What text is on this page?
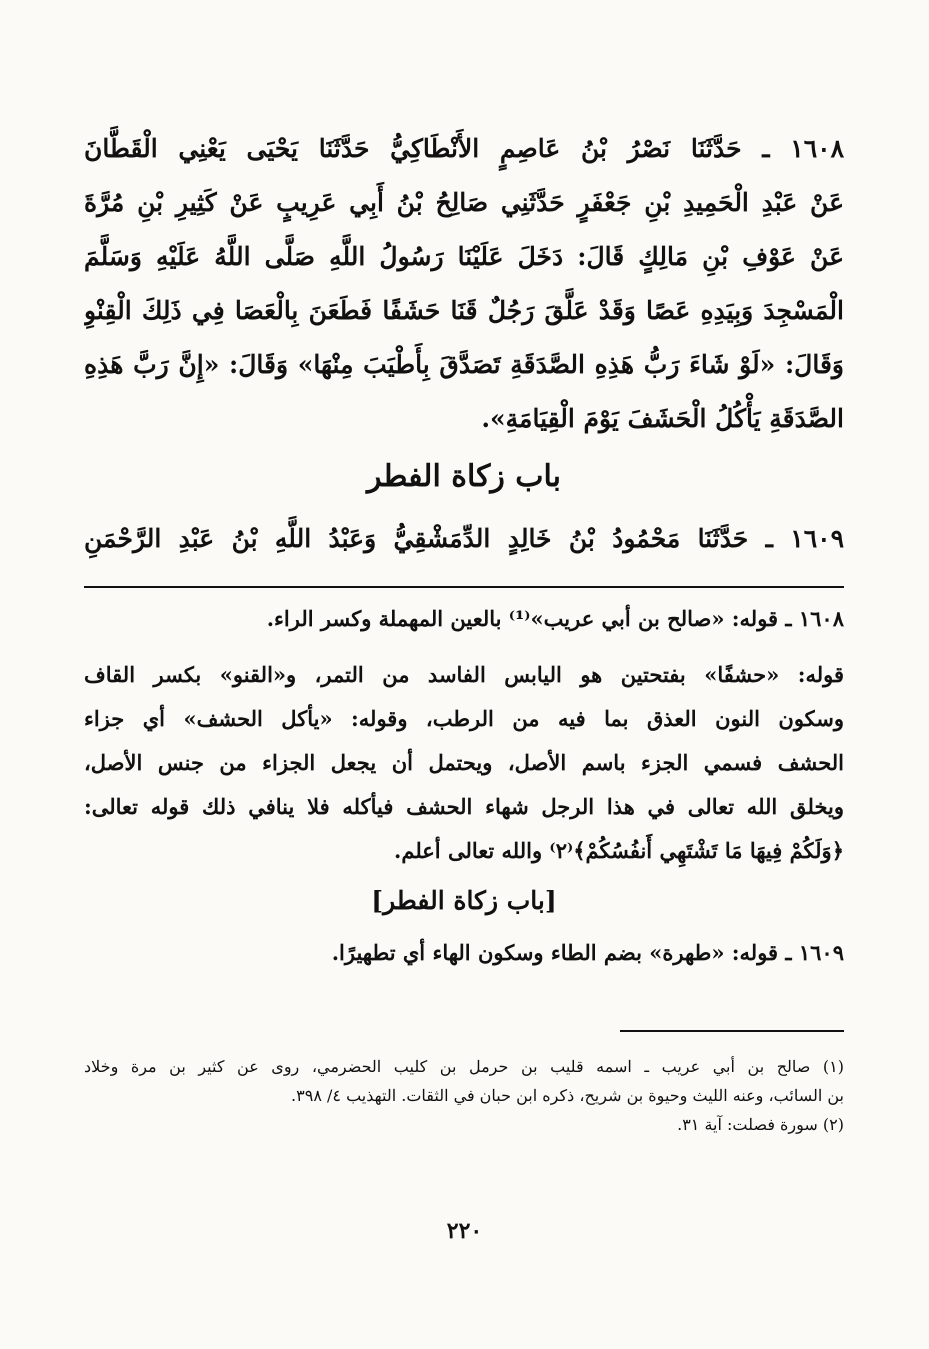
١٦٠٨ ـ حَدَّثَنَا نَصْرُ بْنُ عَاصِمٍ الأَنْطَاكِيُّ حَدَّثَنَا يَحْيَى يَعْنِي الْقَطَّانَ
عَنْ عَبْدِ الْحَمِيدِ بْنِ جَعْفَرٍ حَدَّثَنِي صَالِحُ بْنُ أَبِي عَرِيبٍ عَنْ كَثِيرِ بْنِ مُرَّةَ
عَنْ عَوْفِ بْنِ مَالِكٍ قَالَ: دَخَلَ عَلَيْنَا رَسُولُ اللَّهِ صَلَّى اللَّهُ عَلَيْهِ وَسَلَّمَ
الْمَسْجِدَ وَبِيَدِهِ عَصًا وَقَدْ عَلَّقَ رَجُلٌ قَنَا حَشَفًا فَطَعَنَ بِالْعَصَا فِي ذَلِكَ الْقِنْوِ
وَقَالَ: «لَوْ شَاءَ رَبُّ هَذِهِ الصَّدَقَةِ تَصَدَّقَ بِأَطْيَبَ مِنْهَا» وَقَالَ: «إِنَّ رَبَّ هَذِهِ
الصَّدَقَةِ يَأْكُلُ الْحَشَفَ يَوْمَ الْقِيَامَةِ».
باب زكاة الفطر
١٦٠٩ ـ حَدَّثَنَا مَحْمُودُ بْنُ خَالِدٍ الدِّمَشْقِيُّ وَعَبْدُ اللَّهِ بْنُ عَبْدِ الرَّحْمَنِ
١٦٠٨ ـ قوله: «صالح بن أبي عريب»⁽¹⁾ بالعين المهملة وكسر الراء.
قوله: «حشفًا» بفتحتين هو اليابس الفاسد من التمر، و«القنو» بكسر القاف
وسكون النون العذق بما فيه من الرطب، وقوله: «يأكل الحشف» أي جزاء
الحشف فسمي الجزء باسم الأصل، ويحتمل أن يجعل الجزاء من جنس الأصل،
ويخلق الله تعالى في هذا الرجل شهاء الحشف فيأكله فلا ينافي ذلك قوله تعالى:
﴿وَلَكُمْ فِيهَا مَا تَشْتَهِي أَنفُسُكُمْ﴾⁽٢⁾ والله تعالى أعلم.
[باب زكاة الفطر]
١٦٠٩ ـ قوله: «طهرة» بضم الطاء وسكون الهاء أي تطهيرًا.
(١) صالح بن أبي عريب ـ اسمه قليب بن حرمل بن كليب الحضرمي، روى عن كثير بن مرة وخلاد
بن السائب، وعنه الليث وحيوة بن شريح، ذكره ابن حبان في الثقات. التهذيب ٤/ ٣٩٨.
(٢) سورة فصلت: آية ٣١.
٢٢٠
